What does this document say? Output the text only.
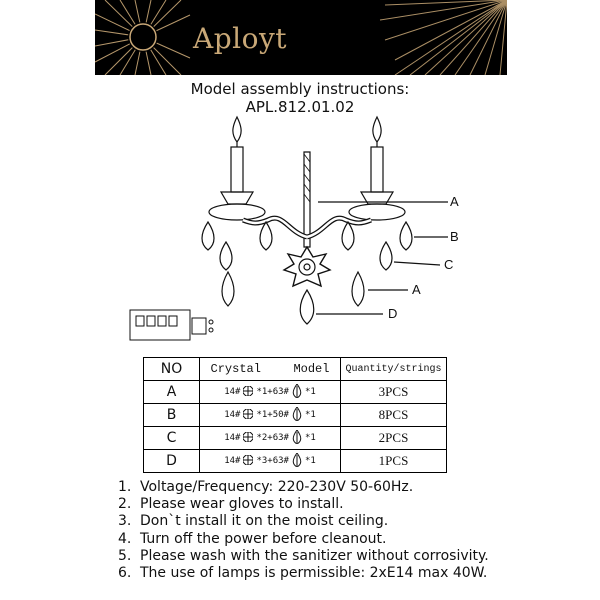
Aployt
Model assembly instructions:
APL.812.01.02
A
B
C
A
D
NO	Crystal Model	Quantity/strings
A	14# *1+63# *1	3PCS
B	14# *1+50# *1	8PCS
C	14# *2+63# *1	2PCS
D	14# *3+63# *1	1PCS
1. Voltage/Frequency: 220-230V 50-60Hz.
2. Please wear gloves to install.
3. Don`t install it on the moist ceiling.
4. Turn off the power before cleanout.
5. Please wash with the sanitizer without corrosivity.
6. The use of lamps is permissible: 2xE14 max 40W.
